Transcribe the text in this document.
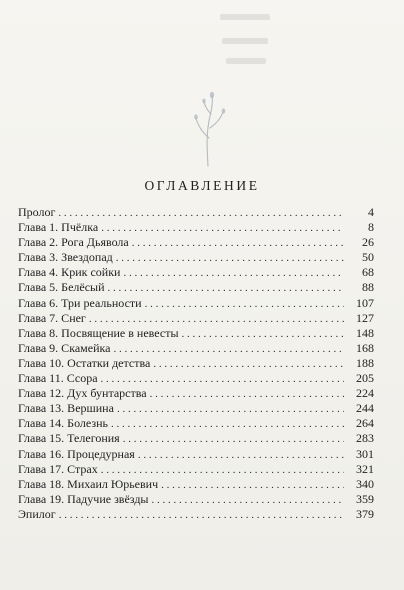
ОГЛАВЛЕНИЕ
Пролог . . .	4
Глава 1. Пчёлка . . .	8
Глава 2. Рога Дьявола . . .	26
Глава 3. Звездопад . . .	50
Глава 4. Крик сойки . . .	68
Глава 5. Белёсый . . .	88
Глава 6. Три реальности . . .	107
Глава 7. Снег . . .	127
Глава 8. Посвящение в невесты . . .	148
Глава 9. Скамейка . . .	168
Глава 10. Остатки детства . . .	188
Глава 11. Ссора . . .	205
Глава 12. Дух бунтарства . . .	224
Глава 13. Вершина . . .	244
Глава 14. Болезнь . . .	264
Глава 15. Телегония . . .	283
Глава 16. Процедурная . . .	301
Глава 17. Страх . . .	321
Глава 18. Михаил Юрьевич . . .	340
Глава 19. Падучие звёзды . . .	359
Эпилог . . .	379
